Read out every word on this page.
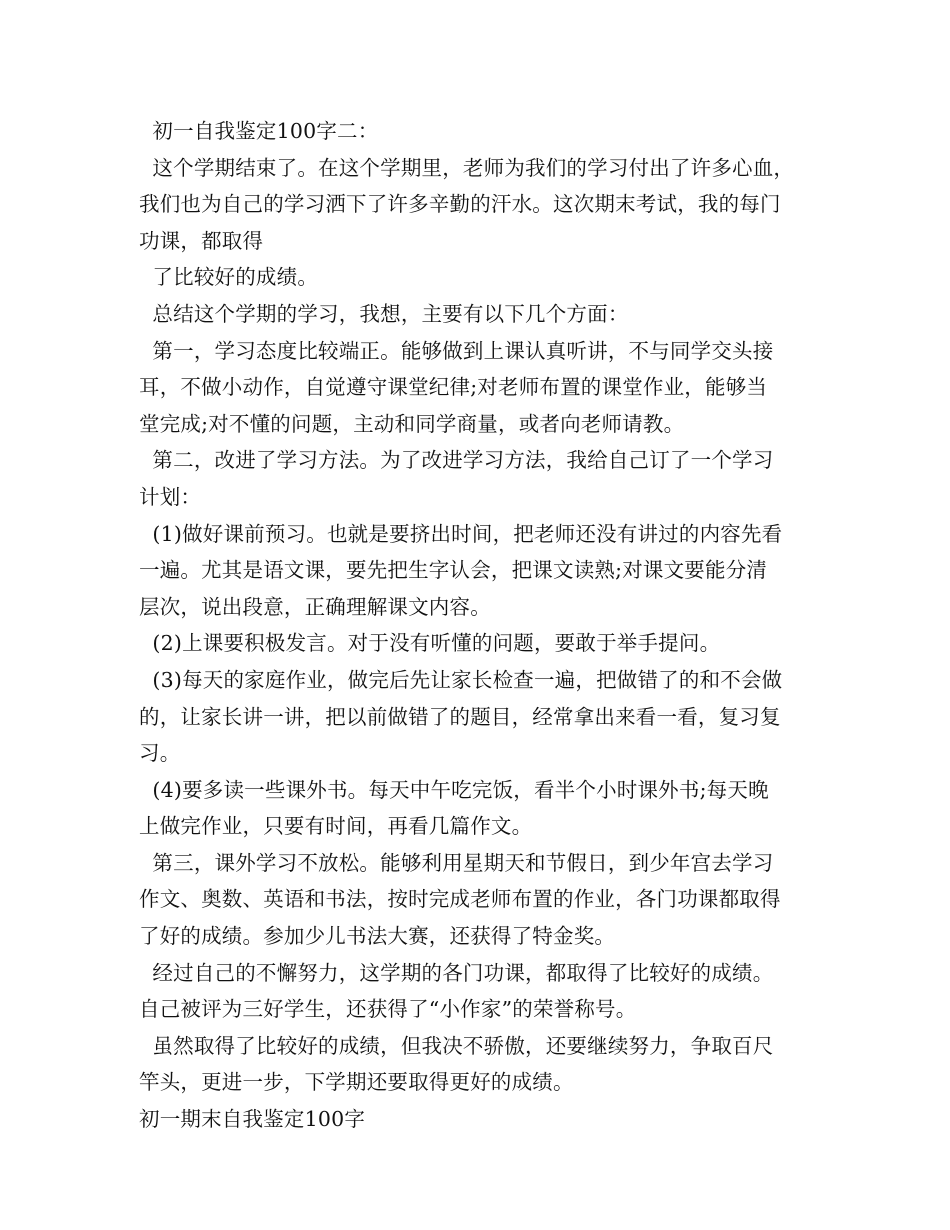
初一自我鉴定100字二：
这个学期结束了。在这个学期里，老师为我们的学习付出了许多心血，
我们也为自己的学习洒下了许多辛勤的汗水。这次期末考试，我的每门
功课，都取得
了比较好的成绩。
总结这个学期的学习，我想，主要有以下几个方面：
第一，学习态度比较端正。能够做到上课认真听讲，不与同学交头接
耳，不做小动作，自觉遵守课堂纪律;对老师布置的课堂作业，能够当
堂完成;对不懂的问题，主动和同学商量，或者向老师请教。
第二，改进了学习方法。为了改进学习方法，我给自己订了一个学习
计划：
(1)做好课前预习。也就是要挤出时间，把老师还没有讲过的内容先看
一遍。尤其是语文课，要先把生字认会，把课文读熟;对课文要能分清
层次，说出段意，正确理解课文内容。
(2)上课要积极发言。对于没有听懂的问题，要敢于举手提问。
(3)每天的家庭作业，做完后先让家长检查一遍，把做错了的和不会做
的，让家长讲一讲，把以前做错了的题目，经常拿出来看一看，复习复
习。
(4)要多读一些课外书。每天中午吃完饭，看半个小时课外书;每天晚
上做完作业，只要有时间，再看几篇作文。
第三，课外学习不放松。能够利用星期天和节假日，到少年宫去学习
作文、奥数、英语和书法，按时完成老师布置的作业，各门功课都取得
了好的成绩。参加少儿书法大赛，还获得了特金奖。
经过自己的不懈努力，这学期的各门功课，都取得了比较好的成绩。
自己被评为三好学生，还获得了“小作家”的荣誉称号。
虽然取得了比较好的成绩，但我决不骄傲，还要继续努力，争取百尺
竿头，更进一步，下学期还要取得更好的成绩。
初一期末自我鉴定100字
